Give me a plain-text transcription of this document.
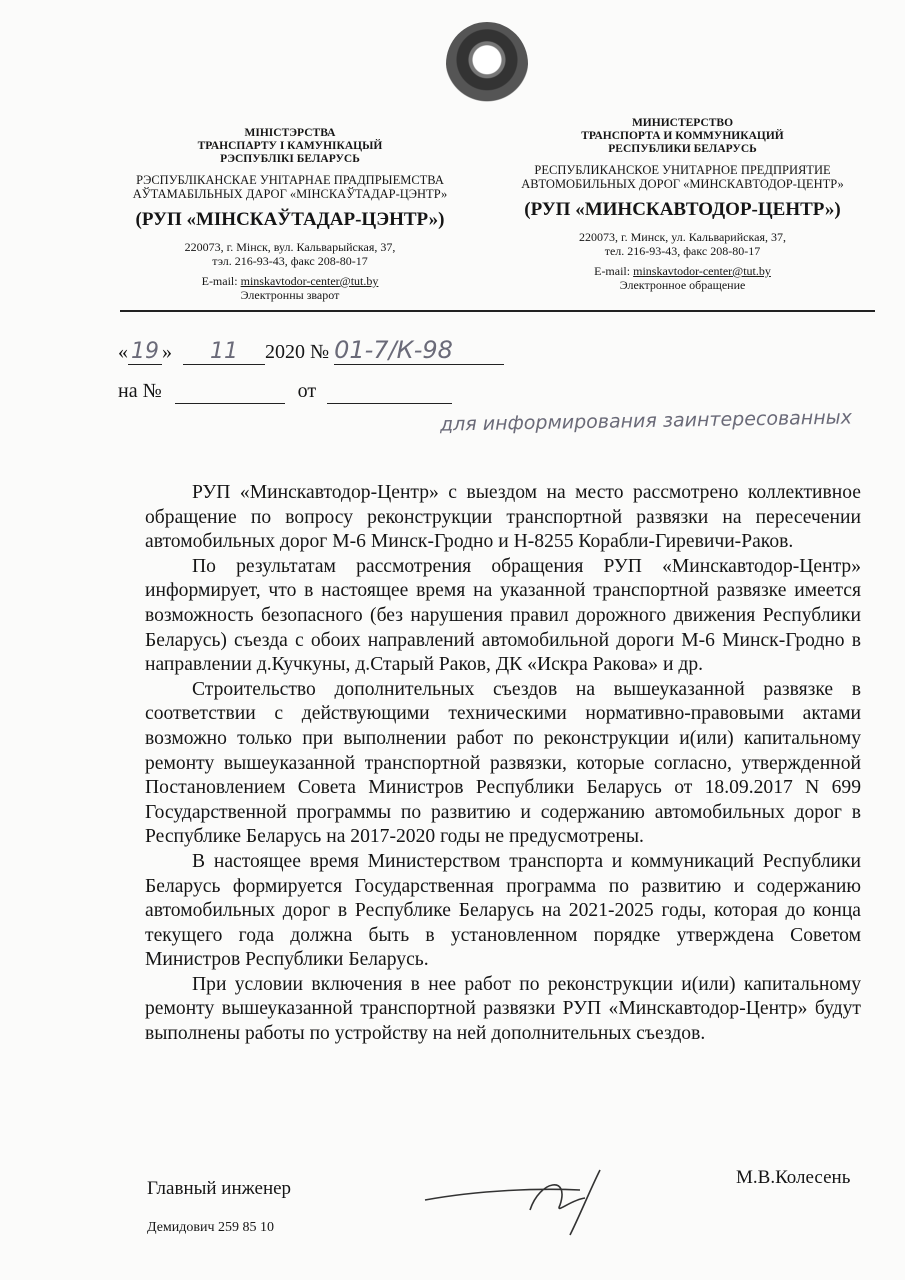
МІНІСТЭРСТВА
ТРАНСПАРТУ І КАМУНІКАЦЫЙ
РЭСПУБЛІКІ БЕЛАРУСЬ
РЭСПУБЛІКАНСКАЕ УНІТАРНАЕ ПРАДПРЫЕМСТВА
АЎТАМАБІЛЬНЫХ ДАРОГ «МІНСКАЎТАДАР-ЦЭНТР»
(РУП «МІНСКАЎТАДАР-ЦЭНТР»)
220073, г. Мінск, вул. Кальварыйская, 37,
тэл. 216-93-43, факс 208-80-17
E-mail: minskavtodor-center@tut.by
Электронны зварот
МИНИСТЕРСТВО
ТРАНСПОРТА И КОММУНИКАЦИЙ
РЕСПУБЛИКИ БЕЛАРУСЬ
РЕСПУБЛИКАНСКОЕ УНИТАРНОЕ ПРЕДПРИЯТИЕ
АВТОМОБИЛЬНЫХ ДОРОГ «МИНСКАВТОДОР-ЦЕНТР»
(РУП «МИНСКАВТОДОР-ЦЕНТР»)
220073, г. Минск, ул. Кальварийская, 37,
тел. 216-93-43, факс 208-80-17
E-mail: minskavtodor-center@tut.by
Электронное обращение
« 19 » 11 2020 № 01-7/К-98
на №	от
для информирования заинтересованных

РУП «Минскавтодор-Центр» с выездом на место рассмотрено коллективное обращение по вопросу реконструкции транспортной развязки на пересечении автомобильных дорог М-6 Минск-Гродно и Н-8255 Корабли-Гиревичи-Раков.

По результатам рассмотрения обращения РУП «Минскавтодор-Центр» информирует, что в настоящее время на указанной транспортной развязке имеется возможность безопасного (без нарушения правил дорожного движения Республики Беларусь) съезда с обоих направлений автомобильной дороги М-6 Минск-Гродно в направлении д.Кучкуны, д.Старый Раков, ДК «Искра Ракова» и др.

Строительство дополнительных съездов на вышеуказанной развязке в соответствии с действующими техническими нормативно-правовыми актами возможно только при выполнении работ по реконструкции и(или) капитальному ремонту вышеуказанной транспортной развязки, которые согласно, утвержденной Постановлением Совета Министров Республики Беларусь от 18.09.2017 N 699 Государственной программы по развитию и содержанию автомобильных дорог в Республике Беларусь на 2017-2020 годы не предусмотрены.

В настоящее время Министерством транспорта и коммуникаций Республики Беларусь формируется Государственная программа по развитию и содержанию автомобильных дорог в Республике Беларусь на 2021-2025 годы, которая до конца текущего года должна быть в установленном порядке утверждена Советом Министров Республики Беларусь.

При условии включения в нее работ по реконструкции и(или) капитальному ремонту вышеуказанной транспортной развязки РУП «Минскавтодор-Центр» будут выполнены работы по устройству на ней дополнительных съездов.

Главный инженер
М.В.Колесень
Демидович 259 85 10
